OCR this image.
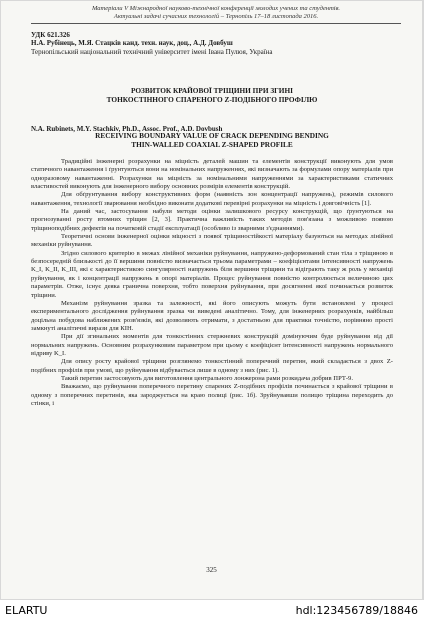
Матеріали V Міжнародної науково-технічної конференції молодих учених та студентів.
Актуальні задачі сучасних технологій – Тернопіль 17–18 листопада 2016.
УДК 621.326
Н.А. Рубінець, М.Я. Стацків канд. техн. наук, доц., А.Д. Довбуш
Тернопільський національний технічний університет імені Івана Пулюя, Україна
РОЗВИТОК КРАЙОВОЇ ТРІЩИНИ ПРИ ЗГИНІ
ТОНКОСТІННОГО СПАРЕНОГО Z-ПОДІБНОГО ПРОФІЛЮ
N.A. Rubinets, M.Y. Stachkiv, Ph.D., Assoc. Prof., A.D. Dovbush
RECEIVING BOUNDARY VALUE OF CRACK DEPENDING BENDING
THIN-WALLED COAXIAL Z-SHAPED PROFILE

Традиційні інженерні розрахунки на міцність деталей машин та елементів конструкції виконують для умов статичного навантаження і ґрунтуються вони на номінальних напруженнях, які визначають за формулами опору матеріалів при одноразовому навантаженні. Розрахунки на міцність за номінальними напруженнями за характеристиками статичних властивостей виконують для інженерного вибору основних розмірів елементів конструкцій.

Для обґрунтування вибору конструктивних форм (наявність зон концентрації напружень), режимів силового навантаження, технології зварювання необхідно виконати додаткові перевірні розрахунки на міцність і довговічність [1].

На даний час, застосування набули методи оцінки залишкового ресурсу конструкцій, що ґрунтуються на прогнозуванні росту втомних тріщин [2, 3]. Практична важливість таких методів пов'язана з можливою появою тріщиноподібних дефектів на початковій стадії експлуатації (особливо із зварними з'єднаннями).

Теоретичні основи інженерної оцінки міцності з появої тріщиностійкості матеріалу базуються на методах лінійної механіки руйнування.

Згідно силового критерію в межах лінійної механіки руйнування, напружено-деформований стан тіла з тріщиною в безпосередній близькості до її вершини повністю визначається трьома параметрами – коефіцієнтами інтенсивності напружень K_I, K_II, K_III, які є характеристикою сингулярності напружень біля вершини тріщини та відіграють таку ж роль у механіці руйнування, як і концентрації напружень в опорі матеріалів. Процес руйнування повністю контролюється величиною цих параметрів. Отже, існує деяка гранична поверхня, тобто поверхня руйнування, при досягненні якої починається розвиток тріщини.

Механізм руйнування зразка та залежності, які його описують можуть бути встановлені у процесі експериментального дослідження руйнування зразка чи виведені аналітично. Тому, для інженерних розрахунків, найбільш доцільна побудова наближених розв'язків, які дозволяють отримати, з достатньою для практики точністю, порівняно прості замкнуті аналітичні вирази для КІН.

При дії згинальних моментів для тонкостінних стержневих конструкцій домінуючим буде руйнування від дії нормальних напружень. Основним розрахунковим параметром при цьому є коефіцієнт інтенсивності напружень нормального відриву K_I.

Для опису росту крайової тріщини розглянемо тонкостінний поперечний перетин, який складається з двох Z-подібних профілів при умові, що руйнування відбувається лише в одному з них (рис. 1).

Такий перетин застосовують для виготовлення центрального лонжерона рами розкидача добрив ПРТ-9.

Вважаємо, що руйнування поперечного перетину спарених Z-подібних профілів починається з крайової тріщини в одному з поперечних перетинів, яка зароджується на краю полиці (рис. 1б). Зруйнувавши полицю тріщина переходить до стінки, і

325
ELARTU	hdl:123456789/18846
